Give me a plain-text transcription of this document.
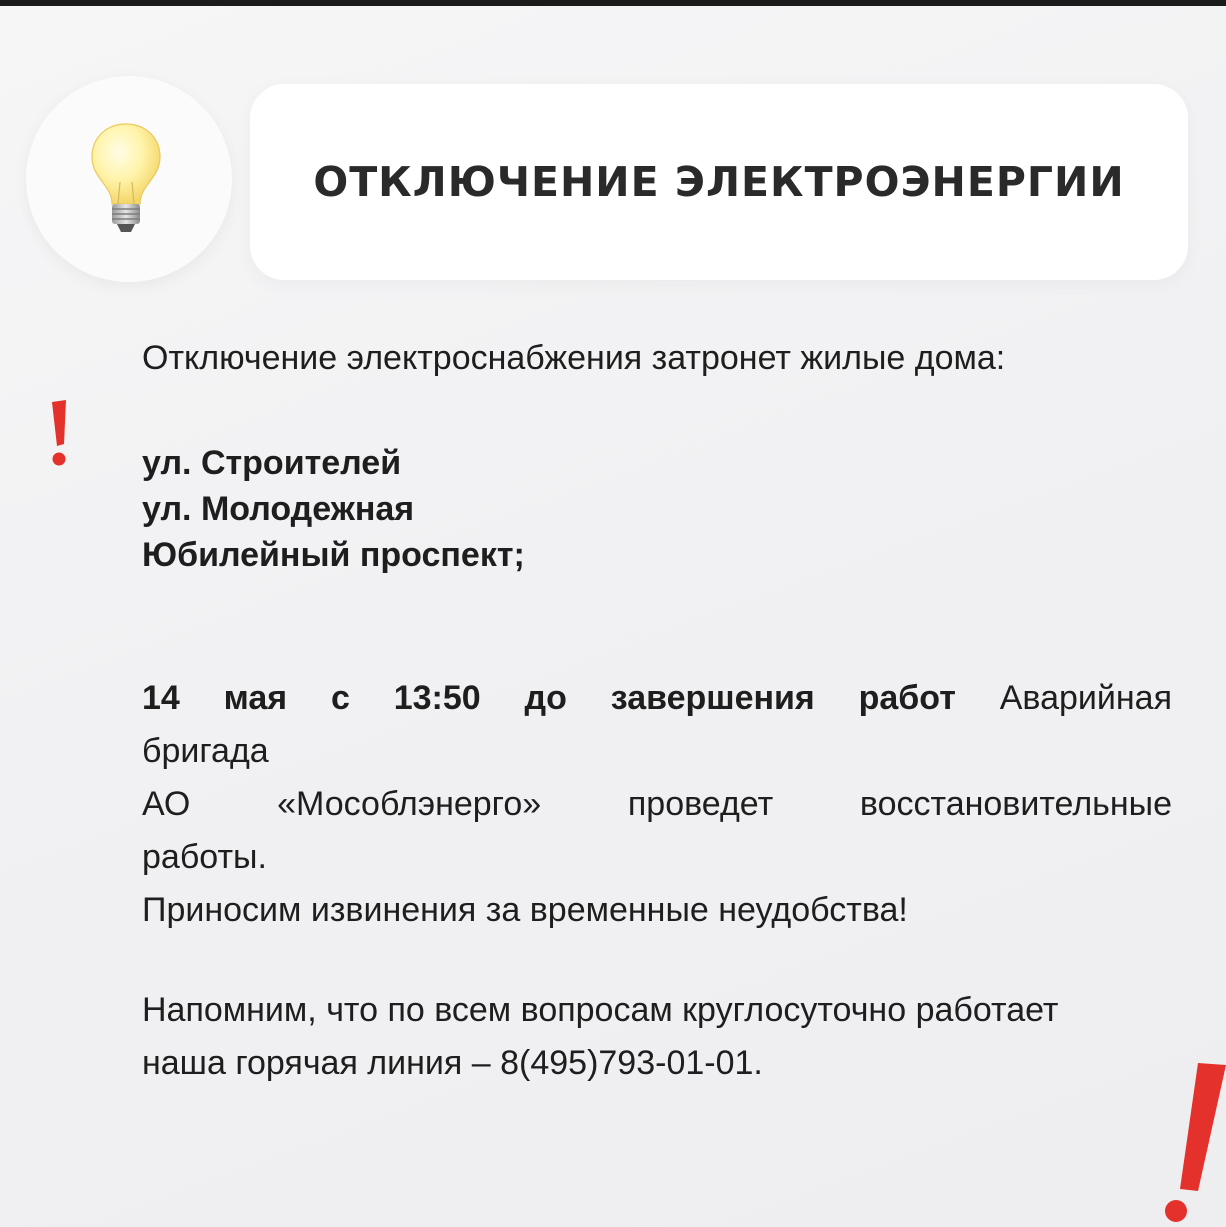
ОТКЛЮЧЕНИЕ ЭЛЕКТРОЭНЕРГИИ
Отключение электроснабжения затронет жилые дома:
ул. Строителей
ул. Молодежная
Юбилейный проспект;
14 мая с 13:50 до завершения работ Аварийная
бригада
АО «Мособлэнерго» проведет восстановительные
работы.
Приносим извинения за временные неудобства!
Напомним, что по всем вопросам круглосуточно работает
наша горячая линия – 8(495)793-01-01.
